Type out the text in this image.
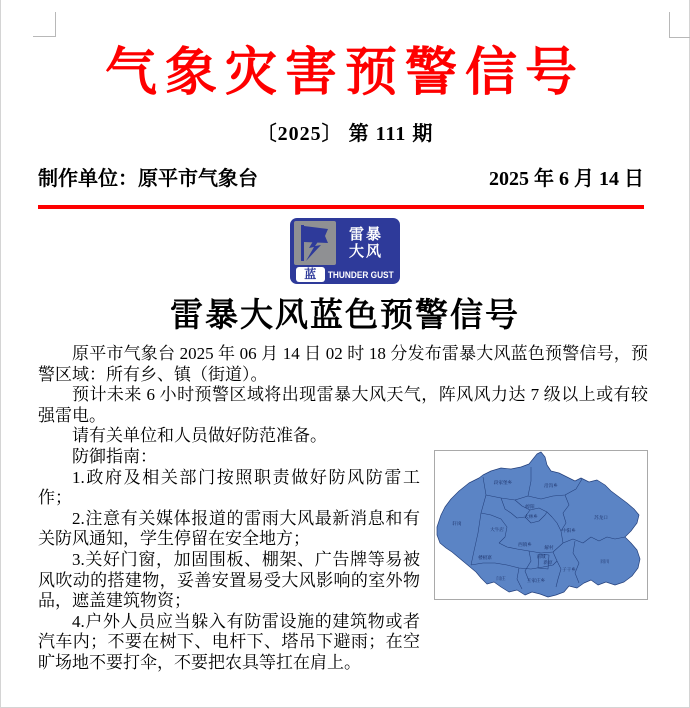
气象灾害预警信号
〔2025〕 第 111 期
制作单位：原平市气象台	2025 年 6 月 14 日
雷暴
大风
蓝	THUNDER GUST
雷暴大风蓝色预警信号

原平市气象台 2025 年 06 月 14 日 02 时 18 分发布雷暴大风蓝色预警信号，预警区域：所有乡、镇（街道）。

预计未来 6 小时预警区域将出现雷暴大风天气，阵风风力达 7 级以上或有较强雷电。

段家堡乡
沿沟乡
崞阳
大林乡	苏龙口
轩岗
大牛店	中阳乡
西镇乡
解村
南城
楼板寨
新原	同川
子干乡
闫庄	王家庄乡

请有关单位和人员做好防范准备。

防御指南：

1.政府及相关部门按照职责做好防风防雷工作；

2.注意有关媒体报道的雷雨大风最新消息和有关防风通知，学生停留在安全地方；

3.关好门窗，加固围板、棚架、广告牌等易被风吹动的搭建物，妥善安置易受大风影响的室外物品，遮盖建筑物资；

4.户外人员应当躲入有防雷设施的建筑物或者汽车内；不要在树下、电杆下、塔吊下避雨；在空旷场地不要打伞，不要把农具等扛在肩上。
